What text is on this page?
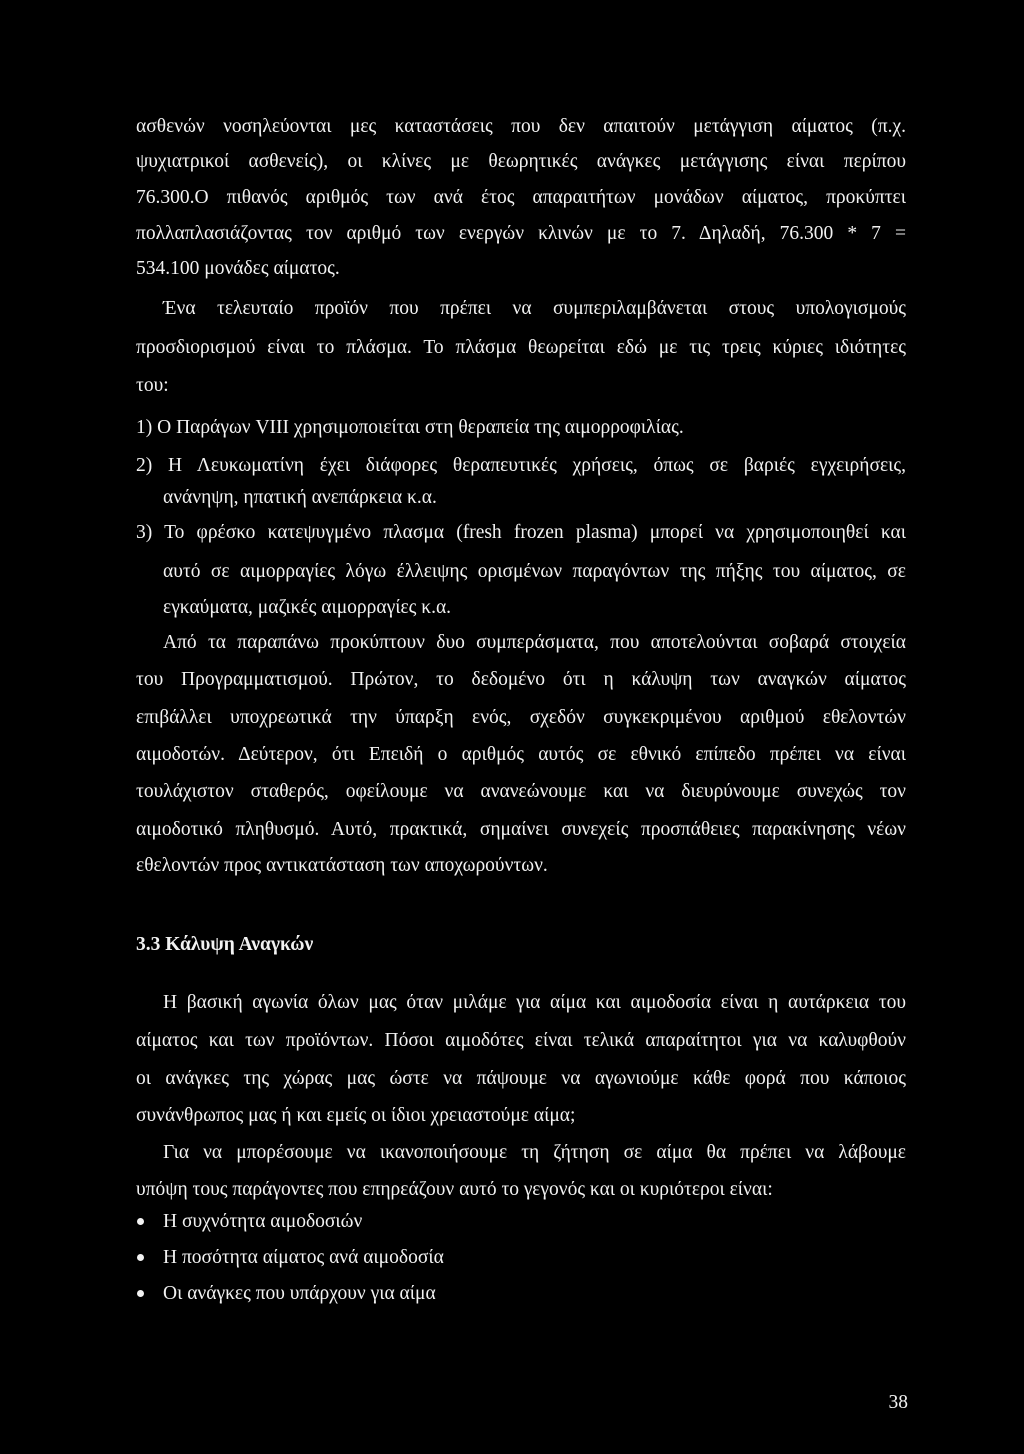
ασθενών νοσηλεύονται μες καταστάσεις που δεν απαιτούν μετάγγιση αίματος (π.χ.
ψυχιατρικοί ασθενείς), οι κλίνες με θεωρητικές ανάγκες μετάγγισης είναι περίπου
76.300.Ο πιθανός αριθμός των ανά έτος απαραιτήτων μονάδων αίματος, προκύπτει
πολλαπλασιάζοντας τον αριθμό των ενεργών κλινών με το 7. Δηλαδή, 76.300 * 7 =
534.100 μονάδες αίματος.
Ένα τελευταίο προϊόν που πρέπει να συμπεριλαμβάνεται στους υπολογισμούς
προσδιορισμού είναι το πλάσμα. Το πλάσμα θεωρείται εδώ με τις τρεις κύριες ιδιότητες
του:
1) Ο Παράγων VIII χρησιμοποιείται στη θεραπεία της αιμορροφιλίας.
2) Η Λευκωματίνη έχει διάφορες θεραπευτικές χρήσεις, όπως σε βαριές εγχειρήσεις,
ανάνηψη, ηπατική ανεπάρκεια κ.α.
3) Το φρέσκο κατεψυγμένο πλασμα (fresh frozen plasma) μπορεί να χρησιμοποιηθεί και
αυτό σε αιμορραγίες λόγω έλλειψης ορισμένων παραγόντων της πήξης του αίματος, σε
εγκαύματα, μαζικές αιμορραγίες κ.α.
Από τα παραπάνω προκύπτουν δυο συμπεράσματα, που αποτελούνται σοβαρά στοιχεία
του Προγραμματισμού. Πρώτον, το δεδομένο ότι η κάλυψη των αναγκών αίματος
επιβάλλει υποχρεωτικά την ύπαρξη ενός, σχεδόν συγκεκριμένου αριθμού εθελοντών
αιμοδοτών. Δεύτερον, ότι Επειδή ο αριθμός αυτός σε εθνικό επίπεδο πρέπει να είναι
τουλάχιστον σταθερός, οφείλουμε να ανανεώνουμε και να διευρύνουμε συνεχώς τον
αιμοδοτικό πληθυσμό. Αυτό, πρακτικά, σημαίνει συνεχείς προσπάθειες παρακίνησης νέων
εθελοντών προς αντικατάσταση των αποχωρούντων.
3.3 Κάλυψη Αναγκών
Η βασική αγωνία όλων μας όταν μιλάμε για αίμα και αιμοδοσία είναι η αυτάρκεια του
αίματος και των προϊόντων. Πόσοι αιμοδότες είναι τελικά απαραίτητοι για να καλυφθούν
οι ανάγκες της χώρας μας ώστε να πάψουμε να αγωνιούμε κάθε φορά που κάποιος
συνάνθρωπος μας ή και εμείς οι ίδιοι χρειαστούμε αίμα;
Για να μπορέσουμε να ικανοποιήσουμε τη ζήτηση σε αίμα θα πρέπει να λάβουμε
υπόψη τους παράγοντες που επηρεάζουν αυτό το γεγονός και οι κυριότεροι είναι:
Η συχνότητα αιμοδοσιών
Η ποσότητα αίματος ανά αιμοδοσία
Οι ανάγκες που υπάρχουν για αίμα
38
